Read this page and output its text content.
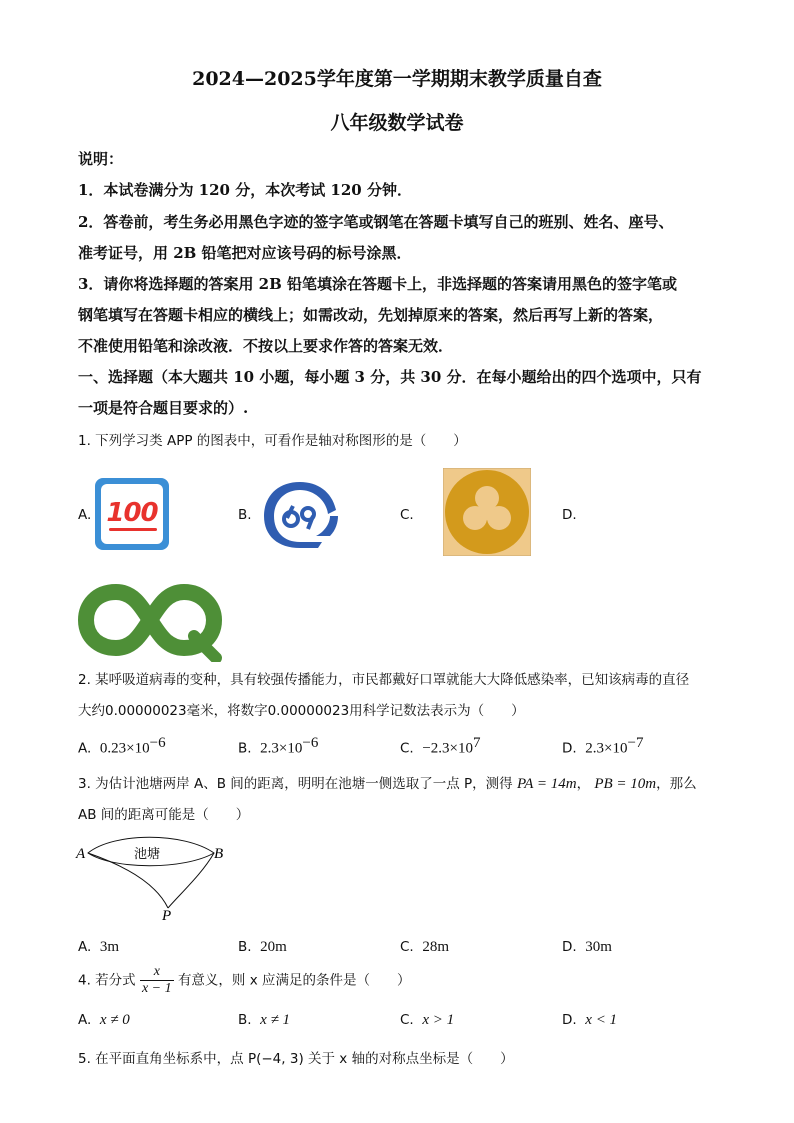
2024—2025学年度第一学期期末教学质量自查
八年级数学试卷
说明：
1．本试卷满分为 120 分，本次考试 120 分钟．
2．答卷前，考生务必用黑色字迹的签字笔或钢笔在答题卡填写自己的班别、姓名、座号、
准考证号，用 2B 铅笔把对应该号码的标号涂黑．
3．请你将选择题的答案用 2B 铅笔填涂在答题卡上，非选择题的答案请用黑色的签字笔或
钢笔填写在答题卡相应的横线上；如需改动，先划掉原来的答案，然后再写上新的答案，
不准使用铅笔和涂改液．不按以上要求作答的答案无效．
一、选择题（本大题共 10 小题，每小题 3 分，共 30 分．在每小题给出的四个选项中，只有
一项是符合题目要求的）.
1. 下列学习类 APP 的图表中，可看作是轴对称图形的是（　　）
A. 100	B.	C.	D.
2. 某呼吸道病毒的变种，具有较强传播能力，市民都戴好口罩就能大大降低感染率，已知该病毒的直径
大约0.00000023毫米，将数字0.00000023用科学记数法表示为（　　）
A. $0.23\times 10^{-6}$	B. $2.3\times 10^{-6}$	C. $-2.3\times 10^7$	D. $2.3\times 10^{-7}$
3. 为估计池塘两岸 A、B 间的距离，明明在池塘一侧选取了一点 P，测得 PA = 14m， PB = 10m，那么
AB 间的距离可能是（　　）
A	B
P
池塘
A. 3m	B. 20m	C. 28m	D. 30m
4. 若分式 $\frac{x}{x - 1}$ 有意义，则 x 应满足的条件是（　　）
A. x ≠ 0	B. x ≠ 1	C. x > 1	D. x < 1
5. 在平面直角坐标系中，点 P(−4, 3) 关于 x 轴的对称点坐标是（　　）
